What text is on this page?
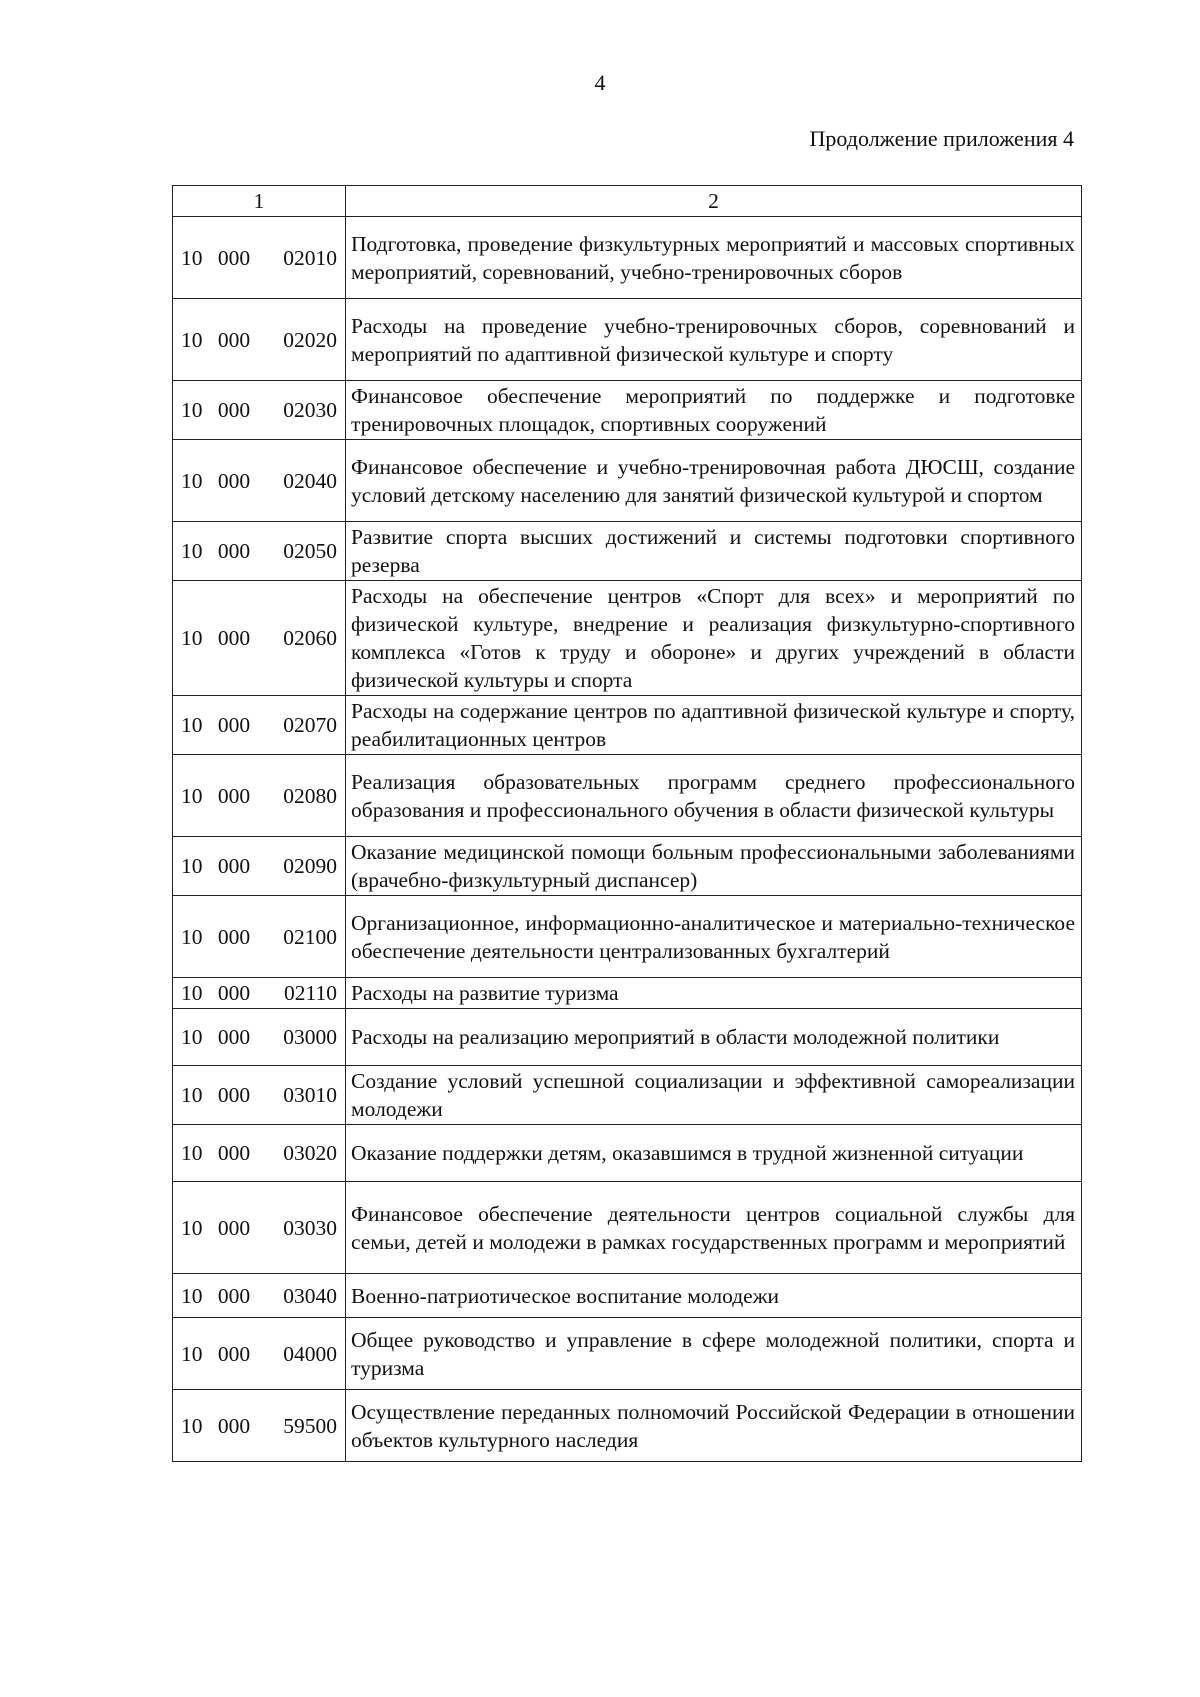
4
Продолжение приложения 4
1	2

10 000 02010	Подготовка, проведение физкультурных мероприятий и массовых спортивных мероприятий, соревнований, учебно-тренировочных сборов

10 000 02020	Расходы на проведение учебно-тренировочных сборов, соревнований и мероприятий по адаптивной физической культуре и спорту

10 000 02030	Финансовое обеспечение мероприятий по поддержке и подготовке тренировочных площадок, спортивных сооружений

10 000 02040	Финансовое обеспечение и учебно-тренировочная работа ДЮСШ, создание условий детскому населению для занятий физической культурой и спортом

10 000 02050	Развитие спорта высших достижений и системы подготовки спортивного резерва

10 000 02060	Расходы на обеспечение центров «Спорт для всех» и мероприятий по физической культуре, внедрение и реализация физкультурно-спортивного комплекса «Готов к труду и обороне» и других учреждений в области физической культуры и спорта

10 000 02070	Расходы на содержание центров по адаптивной физической культуре и спорту, реабилитационных центров

10 000 02080	Реализация образовательных программ среднего профессионального образования и профессионального обучения в области физической культуры

10 000 02090	Оказание медицинской помощи больным профессиональными заболеваниями (врачебно-физкультурный диспансер)

10 000 02100	Организационное, информационно-аналитическое и материально-техническое обеспечение деятельности централизованных бухгалтерий

10 000 02110	Расходы на развитие туризма

10 000 03000	Расходы на реализацию мероприятий в области молодежной политики

10 000 03010	Создание условий успешной социализации и эффективной самореализации молодежи

10 000 03020	Оказание поддержки детям, оказавшимся в трудной жизненной ситуации

10 000 03030	Финансовое обеспечение деятельности центров социальной службы для семьи, детей и молодежи в рамках государственных программ и мероприятий

10 000 03040	Военно-патриотическое воспитание молодежи

10 000 04000	Общее руководство и управление в сфере молодежной политики, спорта и туризма

10 000 59500	Осуществление переданных полномочий Российской Федерации в отношении объектов культурного наследия
